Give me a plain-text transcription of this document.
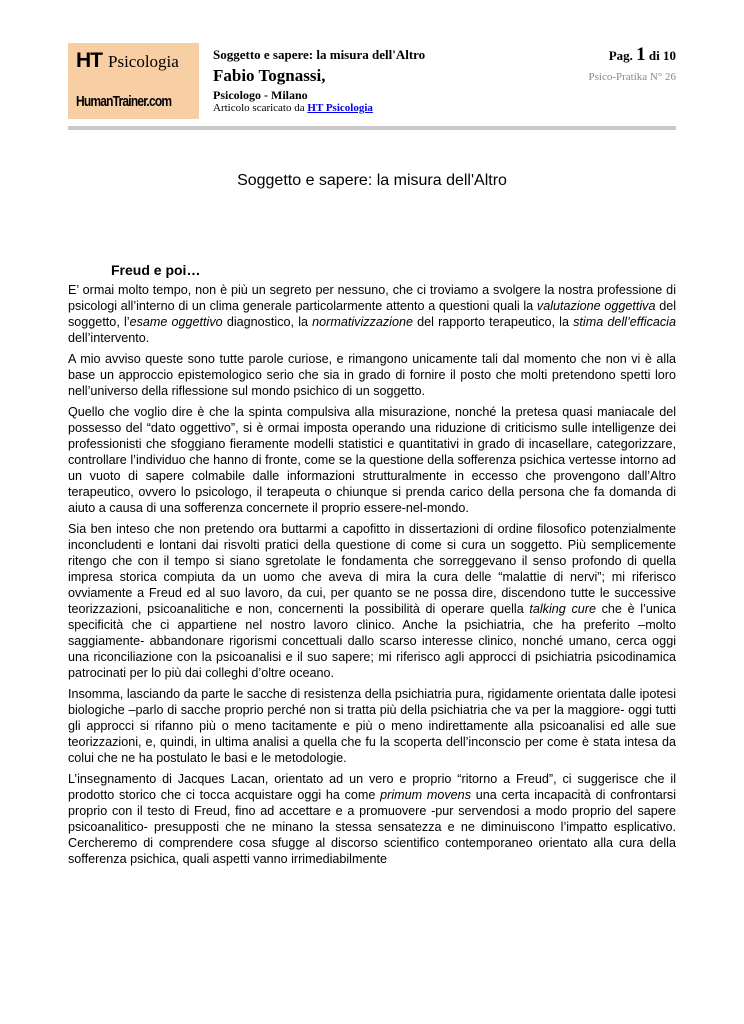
HT Psicologia
HumanTrainer.com
Soggetto e sapere: la misura dell'Altro
Fabio Tognassi,
Psicologo - Milano
Articolo scaricato da HT Psicologia
Pag. 1 di 10
Psico-Pratika N° 26
Soggetto e sapere: la misura dell'Altro
Freud e poi…

E’ ormai molto tempo, non è più un segreto per nessuno, che ci troviamo a svolgere la nostra professione di psicologi all’interno di un clima generale particolarmente attento a questioni quali la valutazione oggettiva del soggetto, l’esame oggettivo diagnostico, la normativizzazione del rapporto terapeutico, la stima dell’efficacia dell’intervento.

A mio avviso queste sono tutte parole curiose, e rimangono unicamente tali dal momento che non vi è alla base un approccio epistemologico serio che sia in grado di fornire il posto che molti pretendono spetti loro nell’universo della riflessione sul mondo psichico di un soggetto.

Quello che voglio dire è che la spinta compulsiva alla misurazione, nonché la pretesa quasi maniacale del possesso del “dato oggettivo”, si è ormai imposta operando una riduzione di criticismo sulle intelligenze dei professionisti che sfoggiano fieramente modelli statistici e quantitativi in grado di incasellare, categorizzare, controllare l’individuo che hanno di fronte, come se la questione della sofferenza psichica vertesse intorno ad un vuoto di sapere colmabile dalle informazioni strutturalmente in eccesso che provengono dall’Altro terapeutico, ovvero lo psicologo, il terapeuta o chiunque si prenda carico della persona che fa domanda di aiuto a causa di una sofferenza concernete il proprio essere-nel-mondo.

Sia ben inteso che non pretendo ora buttarmi a capofitto in dissertazioni di ordine filosofico potenzialmente inconcludenti e lontani dai risvolti pratici della questione di come si cura un soggetto. Più semplicemente ritengo che con il tempo si siano sgretolate le fondamenta che sorreggevano il senso profondo di quella impresa storica compiuta da un uomo che aveva di mira la cura delle “malattie di nervi”; mi riferisco ovviamente a Freud ed al suo lavoro, da cui, per quanto se ne possa dire, discendono tutte le successive teorizzazioni, psicoanalitiche e non, concernenti la possibilità di operare quella talking cure che è l’unica specificità che ci appartiene nel nostro lavoro clinico. Anche la psichiatria, che ha preferito –molto saggiamente- abbandonare rigorismi concettuali dallo scarso interesse clinico, nonché umano, cerca oggi una riconciliazione con la psicoanalisi e il suo sapere; mi riferisco agli approcci di psichiatria psicodinamica patrocinati per lo più dai colleghi d’oltre oceano.

Insomma, lasciando da parte le sacche di resistenza della psichiatria pura, rigidamente orientata dalle ipotesi biologiche –parlo di sacche proprio perché non si tratta più della psichiatria che va per la maggiore- oggi tutti gli approcci si rifanno più o meno tacitamente e più o meno indirettamente alla psicoanalisi ed alle sue teorizzazioni, e, quindi, in ultima analisi a quella che fu la scoperta dell’inconscio per come è stata intesa da colui che ne ha postulato le basi e le metodologie.

L’insegnamento di Jacques Lacan, orientato ad un vero e proprio “ritorno a Freud”, ci suggerisce che il prodotto storico che ci tocca acquistare oggi ha come primum movens una certa incapacità di confrontarsi proprio con il testo di Freud, fino ad accettare e a promuovere -pur servendosi a modo proprio del sapere psicoanalitico- presupposti che ne minano la stessa sensatezza e ne diminuiscono l’impatto esplicativo. Cercheremo di comprendere cosa sfugge al discorso scientifico contemporaneo orientato alla cura della sofferenza psichica, quali aspetti vanno irrimediabilmente
